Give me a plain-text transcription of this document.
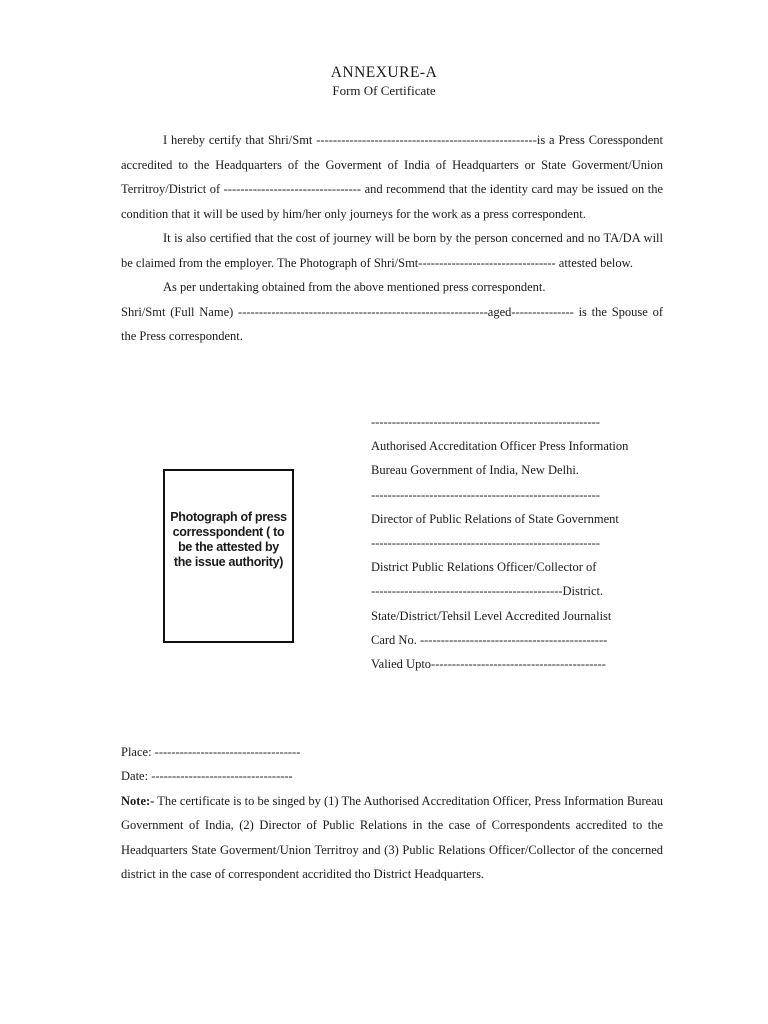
ANNEXURE-A
Form Of Certificate

I hereby certify that Shri/Smt -----------------------------------------------------is a Press Coresspondent accredited to the Headquarters of the Goverment of India of Headquarters or State Goverment/Union Territroy/District of --------------------------------- and recommend that the identity card may be issued on the condition that it will be used by him/her only journeys for the work as a press correspondent.

It is also certified that the cost of journey will be born by the person concerned and no TA/DA will be claimed from the employer. The Photograph of Shri/Smt--------------------------------- attested below.

As per undertaking obtained from the above mentioned press correspondent.

Shri/Smt (Full Name) ------------------------------------------------------------aged--------------- is the Spouse of the Press correspondent.

Photograph of press corresspondent ( to be the attested by the issue authority)
-------------------------------------------------------
Authorised Accreditation Officer Press Information Bureau Government of India, New Delhi.
-------------------------------------------------------
Director of Public Relations of State Government
-------------------------------------------------------
District Public Relations Officer/Collector of
----------------------------------------------District.
State/District/Tehsil Level Accredited Journalist
Card No. ---------------------------------------------
Valied Upto------------------------------------------

Place: -----------------------------------

Date: ----------------------------------

Note:- The certificate is to be singed by (1) The Authorised Accreditation Officer, Press Information Bureau Government of India, (2) Director of Public Relations in the case of Correspondents accredited to the Headquarters State Goverment/Union Territroy and (3) Public Relations Officer/Collector of the concerned district in the case of correspondent accridited tho District Headquarters.
